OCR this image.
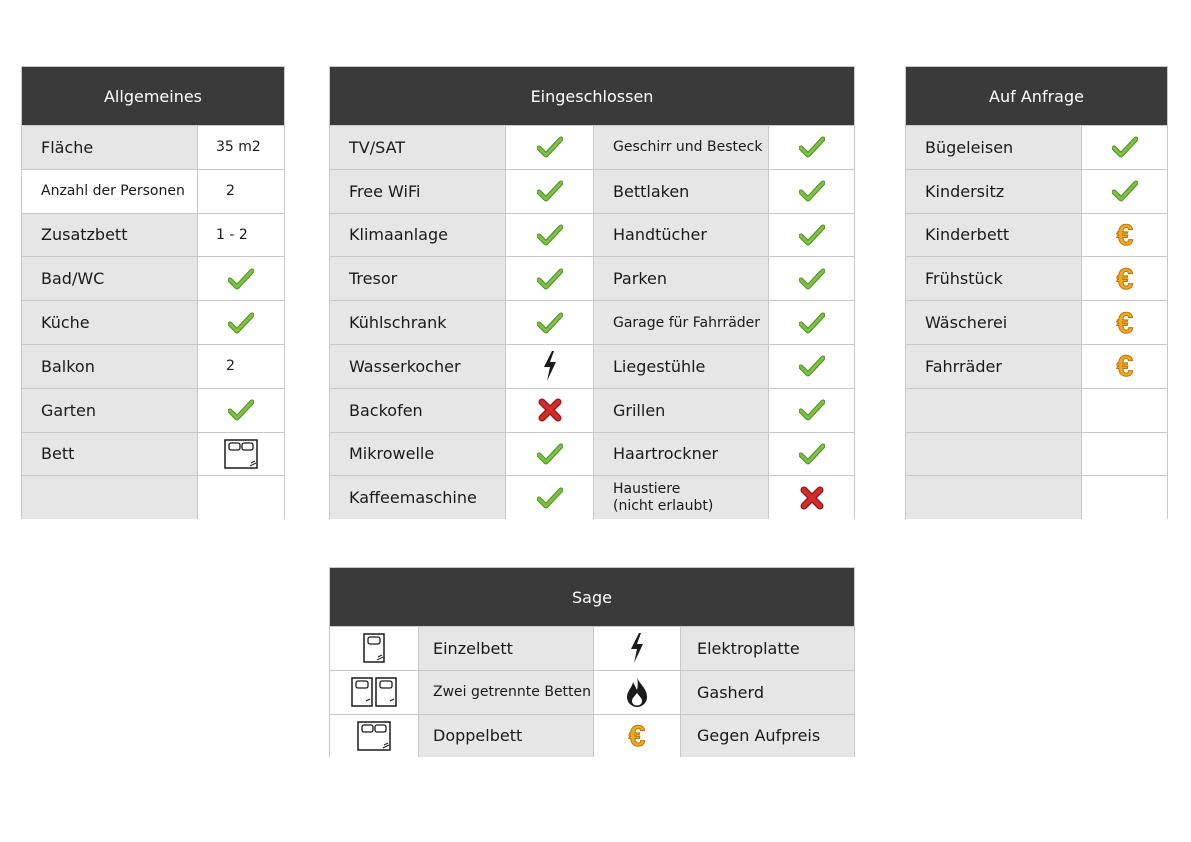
Allgemeines
Fläche	35 m2
Anzahl der Personen	2
Zusatzbett	1 - 2
Bad/WC
Küche
Balkon	2
Garten
Bett
Eingeschlossen
TV/SAT	Geschirr und Besteck
Free WiFi	Bettlaken
Klimaanlage	Handtücher
Tresor	Parken
Kühlschrank	Garage für Fahrräder
Wasserkocher	Liegestühle
Backofen	Grillen
Mikrowelle	Haartrockner
Kaffeemaschine	Haustiere
(nicht erlaubt)
Auf Anfrage
Bügeleisen
Kindersitz
Kinderbett	€
Frühstück	€
Wäscherei	€
Fahrräder	€
Sage
Einzelbett	Elektroplatte
Zwei getrennte Betten	Gasherd
Doppelbett	€	Gegen Aufpreis
